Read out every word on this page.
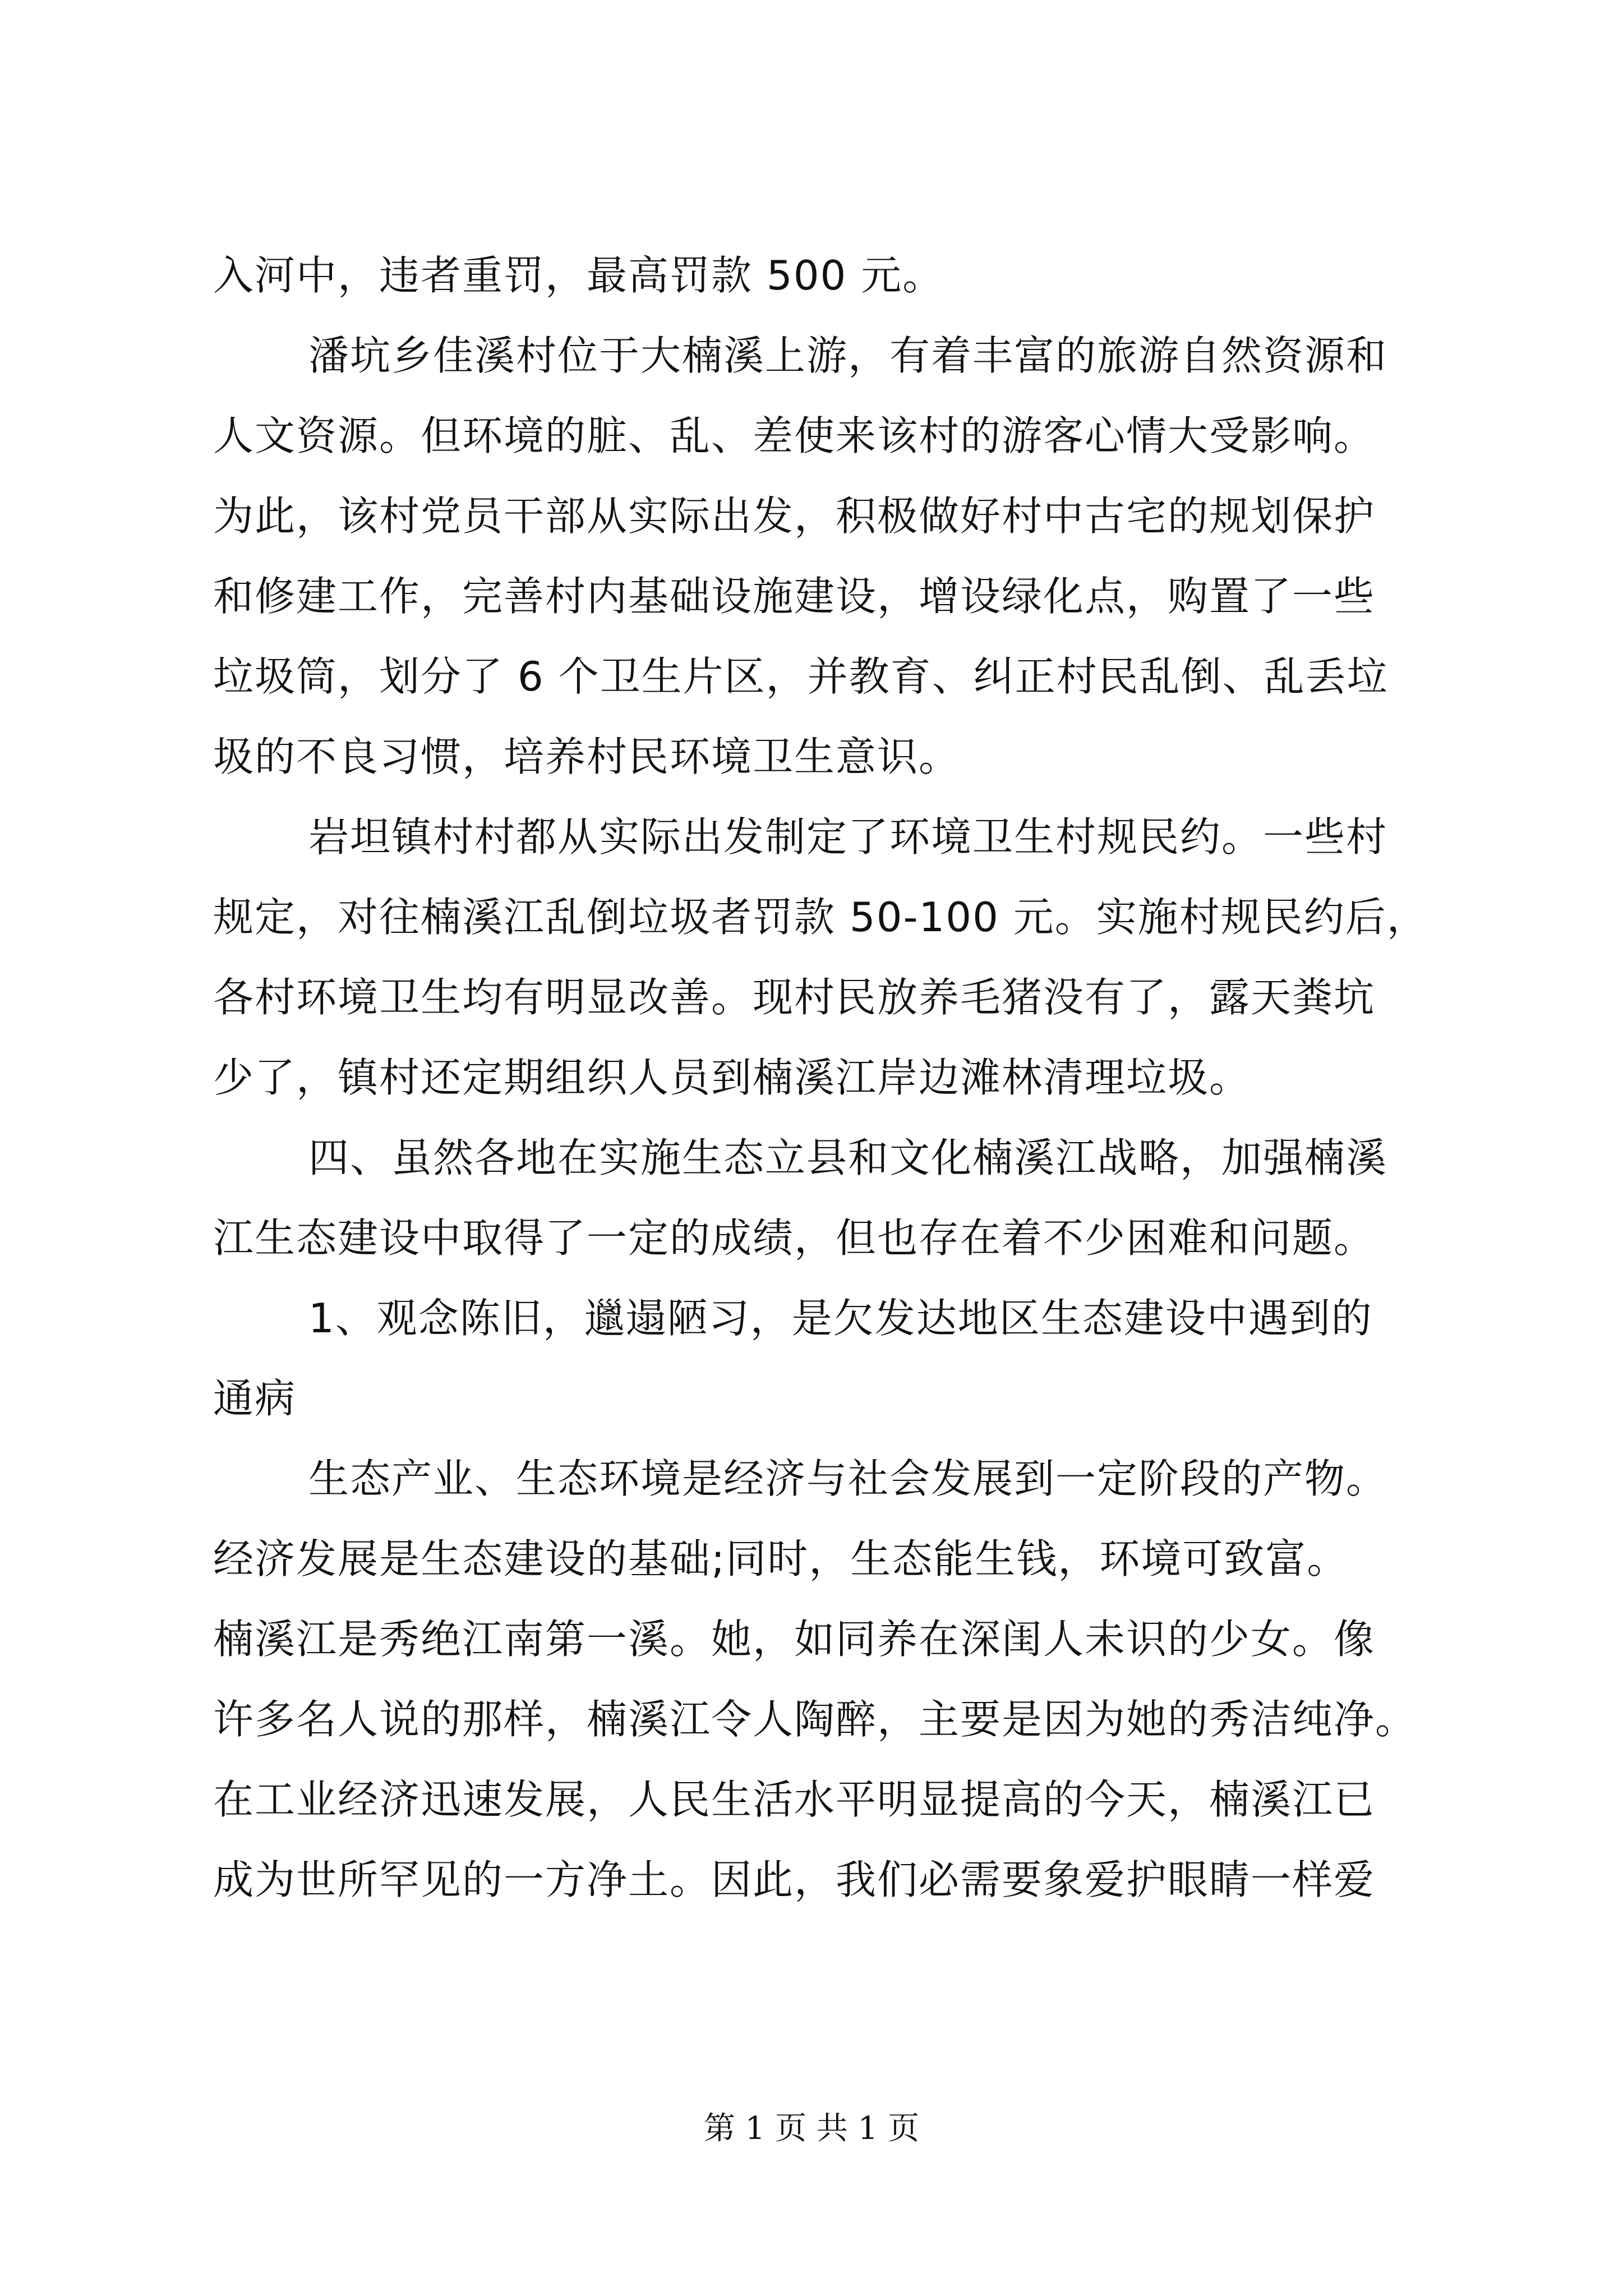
入河中，违者重罚，最高罚款 500 元。
潘坑乡佳溪村位于大楠溪上游，有着丰富的旅游自然资源和
人文资源。但环境的脏、乱、差使来该村的游客心情大受影响。
为此，该村党员干部从实际出发，积极做好村中古宅的规划保护
和修建工作，完善村内基础设施建设，增设绿化点，购置了一些
垃圾筒，划分了 6 个卫生片区，并教育、纠正村民乱倒、乱丢垃
圾的不良习惯，培养村民环境卫生意识。
岩坦镇村村都从实际出发制定了环境卫生村规民约。一些村
规定，对往楠溪江乱倒垃圾者罚款 50-100 元。实施村规民约后，
各村环境卫生均有明显改善。现村民放养毛猪没有了，露天粪坑
少了，镇村还定期组织人员到楠溪江岸边滩林清理垃圾。
四、虽然各地在实施生态立县和文化楠溪江战略，加强楠溪
江生态建设中取得了一定的成绩，但也存在着不少困难和问题。
1、观念陈旧，邋遢陋习，是欠发达地区生态建设中遇到的
通病
生态产业、生态环境是经济与社会发展到一定阶段的产物。
经济发展是生态建设的基础;同时，生态能生钱，环境可致富。
楠溪江是秀绝江南第一溪。她，如同养在深闺人未识的少女。像
许多名人说的那样，楠溪江令人陶醉，主要是因为她的秀洁纯净。
在工业经济迅速发展，人民生活水平明显提高的今天，楠溪江已
成为世所罕见的一方净土。因此，我们必需要象爱护眼睛一样爱
第 1 页 共 1 页
